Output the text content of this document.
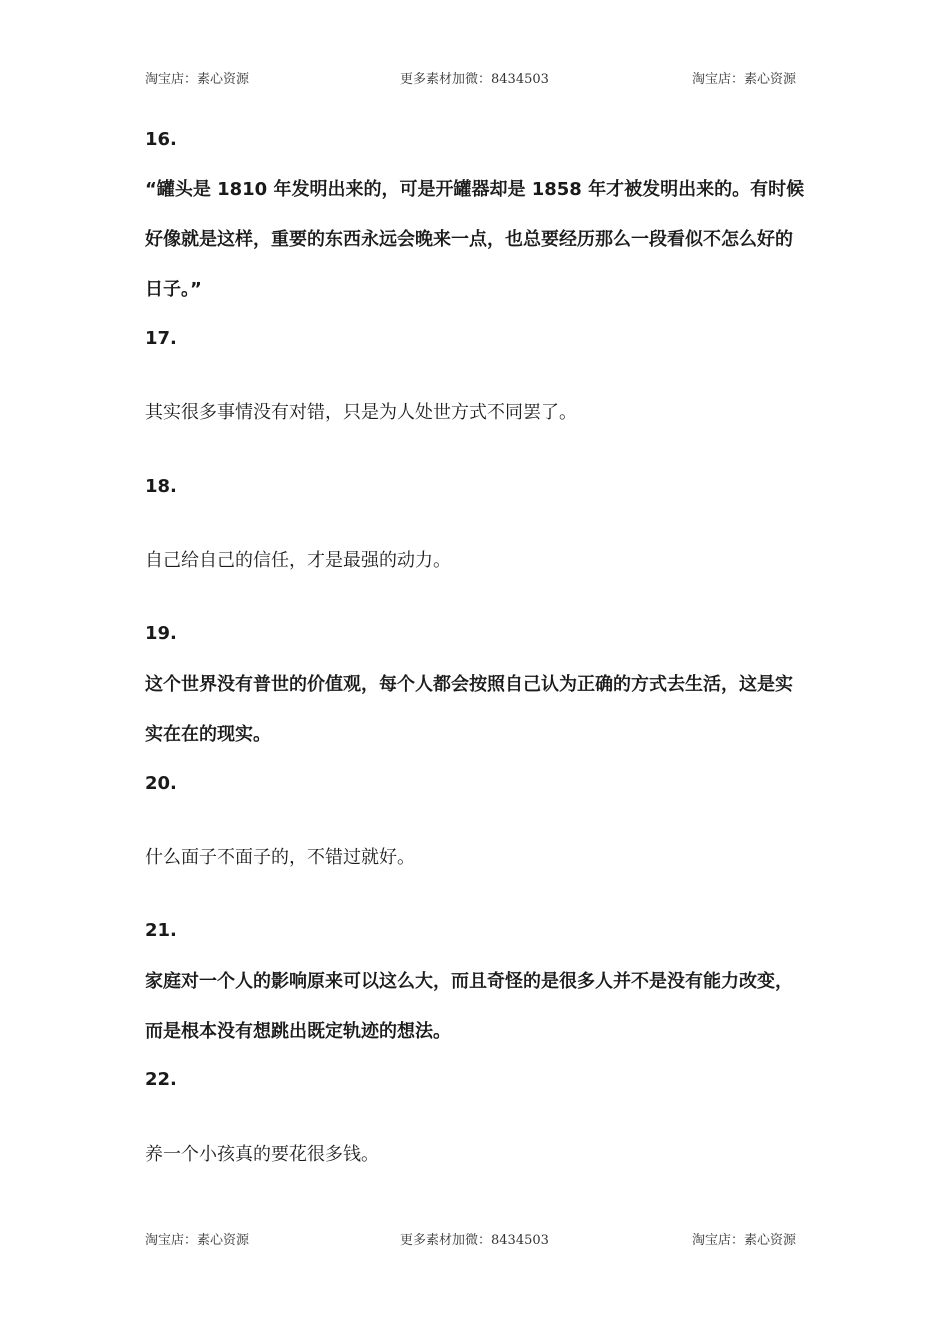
淘宝店：素心资源	更多素材加微：8434503	淘宝店：素心资源
16.
“罐头是 1810 年发明出来的，可是开罐器却是 1858 年才被发明出来的。有时候好像就是这样，重要的东西永远会晚来一点，也总要经历那么一段看似不怎么好的日子。”
17.
其实很多事情没有对错，只是为人处世方式不同罢了。
18.
自己给自己的信任，才是最强的动力。
19.
这个世界没有普世的价值观，每个人都会按照自己认为正确的方式去生活，这是实实在在的现实。
20.
什么面子不面子的，不错过就好。
21.
家庭对一个人的影响原来可以这么大，而且奇怪的是很多人并不是没有能力改变，而是根本没有想跳出既定轨迹的想法。
22.
养一个小孩真的要花很多钱。
淘宝店：素心资源	更多素材加微：8434503	淘宝店：素心资源
